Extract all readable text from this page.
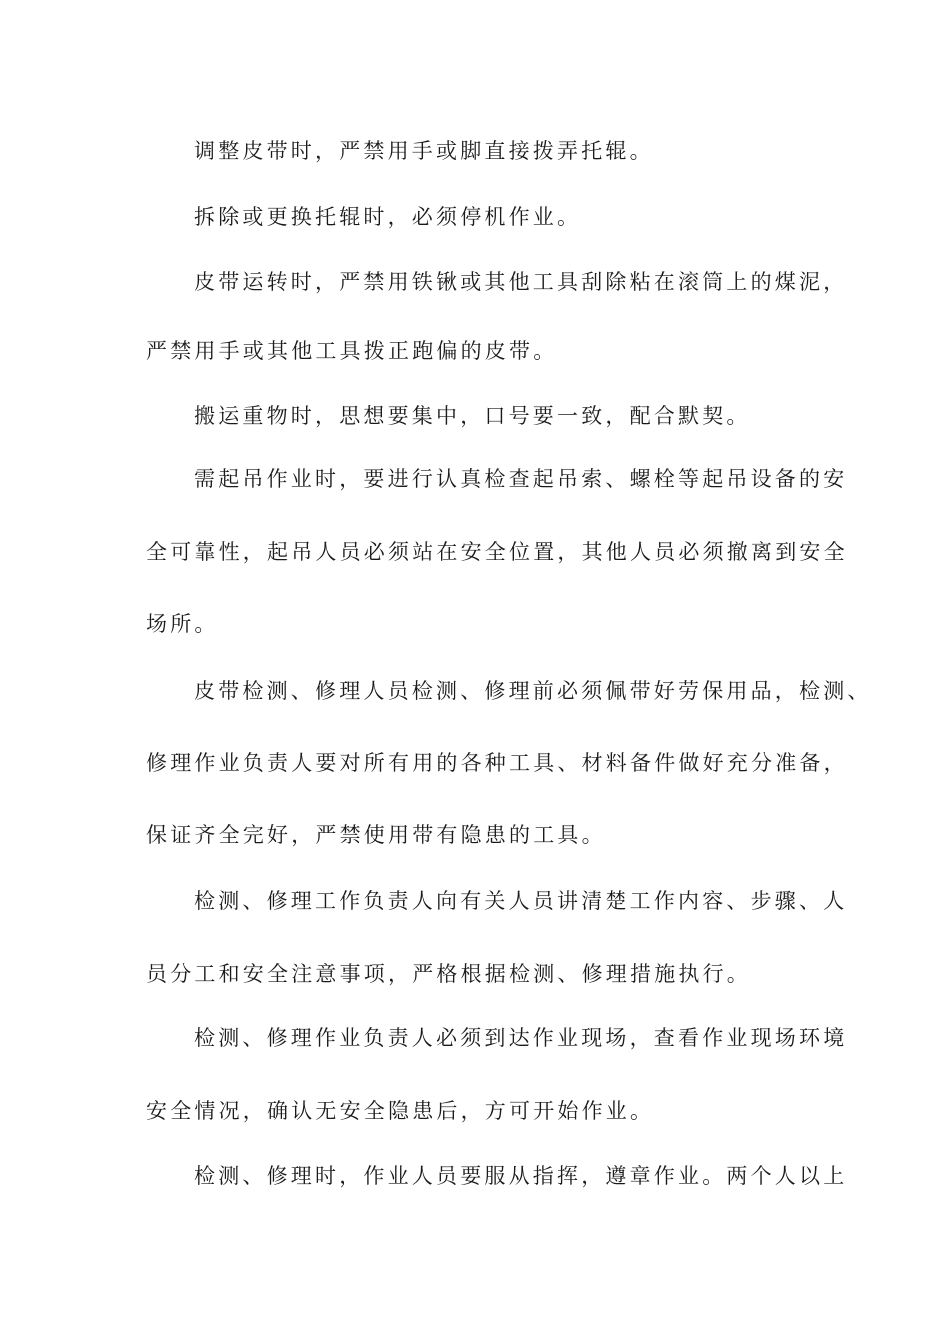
调整皮带时，严禁用手或脚直接拨弄托辊。
拆除或更换托辊时，必须停机作业。
皮带运转时，严禁用铁锹或其他工具刮除粘在滚筒上的煤泥，
严禁用手或其他工具拨正跑偏的皮带。
搬运重物时，思想要集中，口号要一致，配合默契。
需起吊作业时，要进行认真检查起吊索、螺栓等起吊设备的安
全可靠性，起吊人员必须站在安全位置，其他人员必须撤离到安全
场所。
皮带检测、修理人员检测、修理前必须佩带好劳保用品，检测、
修理作业负责人要对所有用的各种工具、材料备件做好充分准备，
保证齐全完好，严禁使用带有隐患的工具。
检测、修理工作负责人向有关人员讲清楚工作内容、步骤、人
员分工和安全注意事项，严格根据检测、修理措施执行。
检测、修理作业负责人必须到达作业现场，查看作业现场环境
安全情况，确认无安全隐患后，方可开始作业。
检测、修理时，作业人员要服从指挥，遵章作业。两个人以上
